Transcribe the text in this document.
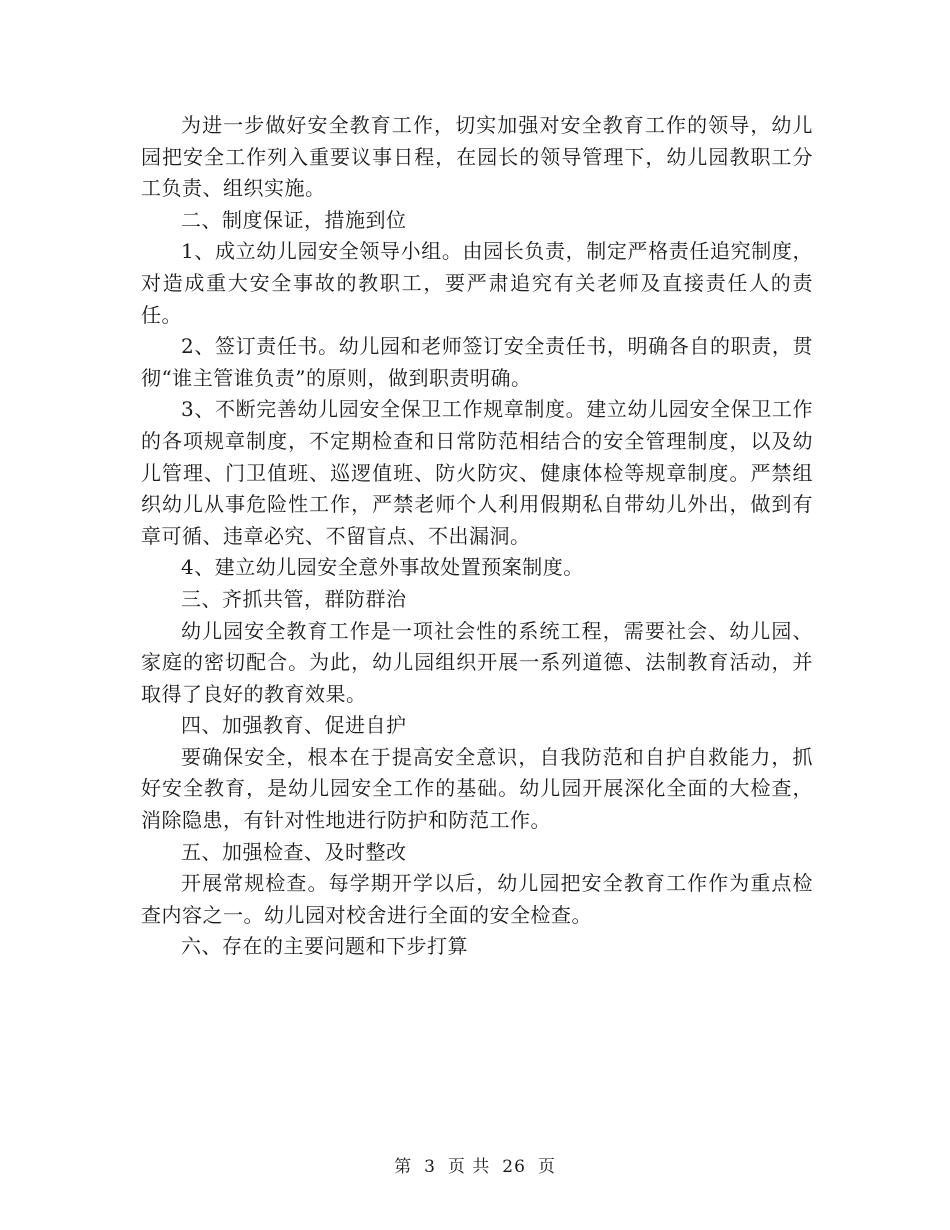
为进一步做好安全教育工作，切实加强对安全教育工作的领导，幼儿园把安全工作列入重要议事日程，在园长的领导管理下，幼儿园教职工分工负责、组织实施。

二、制度保证，措施到位

1、成立幼儿园安全领导小组。由园长负责，制定严格责任追究制度，对造成重大安全事故的教职工，要严肃追究有关老师及直接责任人的责任。

2、签订责任书。幼儿园和老师签订安全责任书，明确各自的职责，贯彻“谁主管谁负责”的原则，做到职责明确。

3、不断完善幼儿园安全保卫工作规章制度。建立幼儿园安全保卫工作的各项规章制度，不定期检查和日常防范相结合的安全管理制度，以及幼儿管理、门卫值班、巡逻值班、防火防灾、健康体检等规章制度。严禁组织幼儿从事危险性工作，严禁老师个人利用假期私自带幼儿外出，做到有章可循、违章必究、不留盲点、不出漏洞。

4、建立幼儿园安全意外事故处置预案制度。

三、齐抓共管，群防群治

幼儿园安全教育工作是一项社会性的系统工程，需要社会、幼儿园、家庭的密切配合。为此，幼儿园组织开展一系列道德、法制教育活动，并取得了良好的教育效果。

四、加强教育、促进自护

要确保安全，根本在于提高安全意识，自我防范和自护自救能力，抓好安全教育，是幼儿园安全工作的基础。幼儿园开展深化全面的大检查，消除隐患，有针对性地进行防护和防范工作。

五、加强检查、及时整改

开展常规检查。每学期开学以后，幼儿园把安全教育工作作为重点检查内容之一。幼儿园对校舍进行全面的安全检查。

六、存在的主要问题和下步打算

第 3 页 共 26 页
